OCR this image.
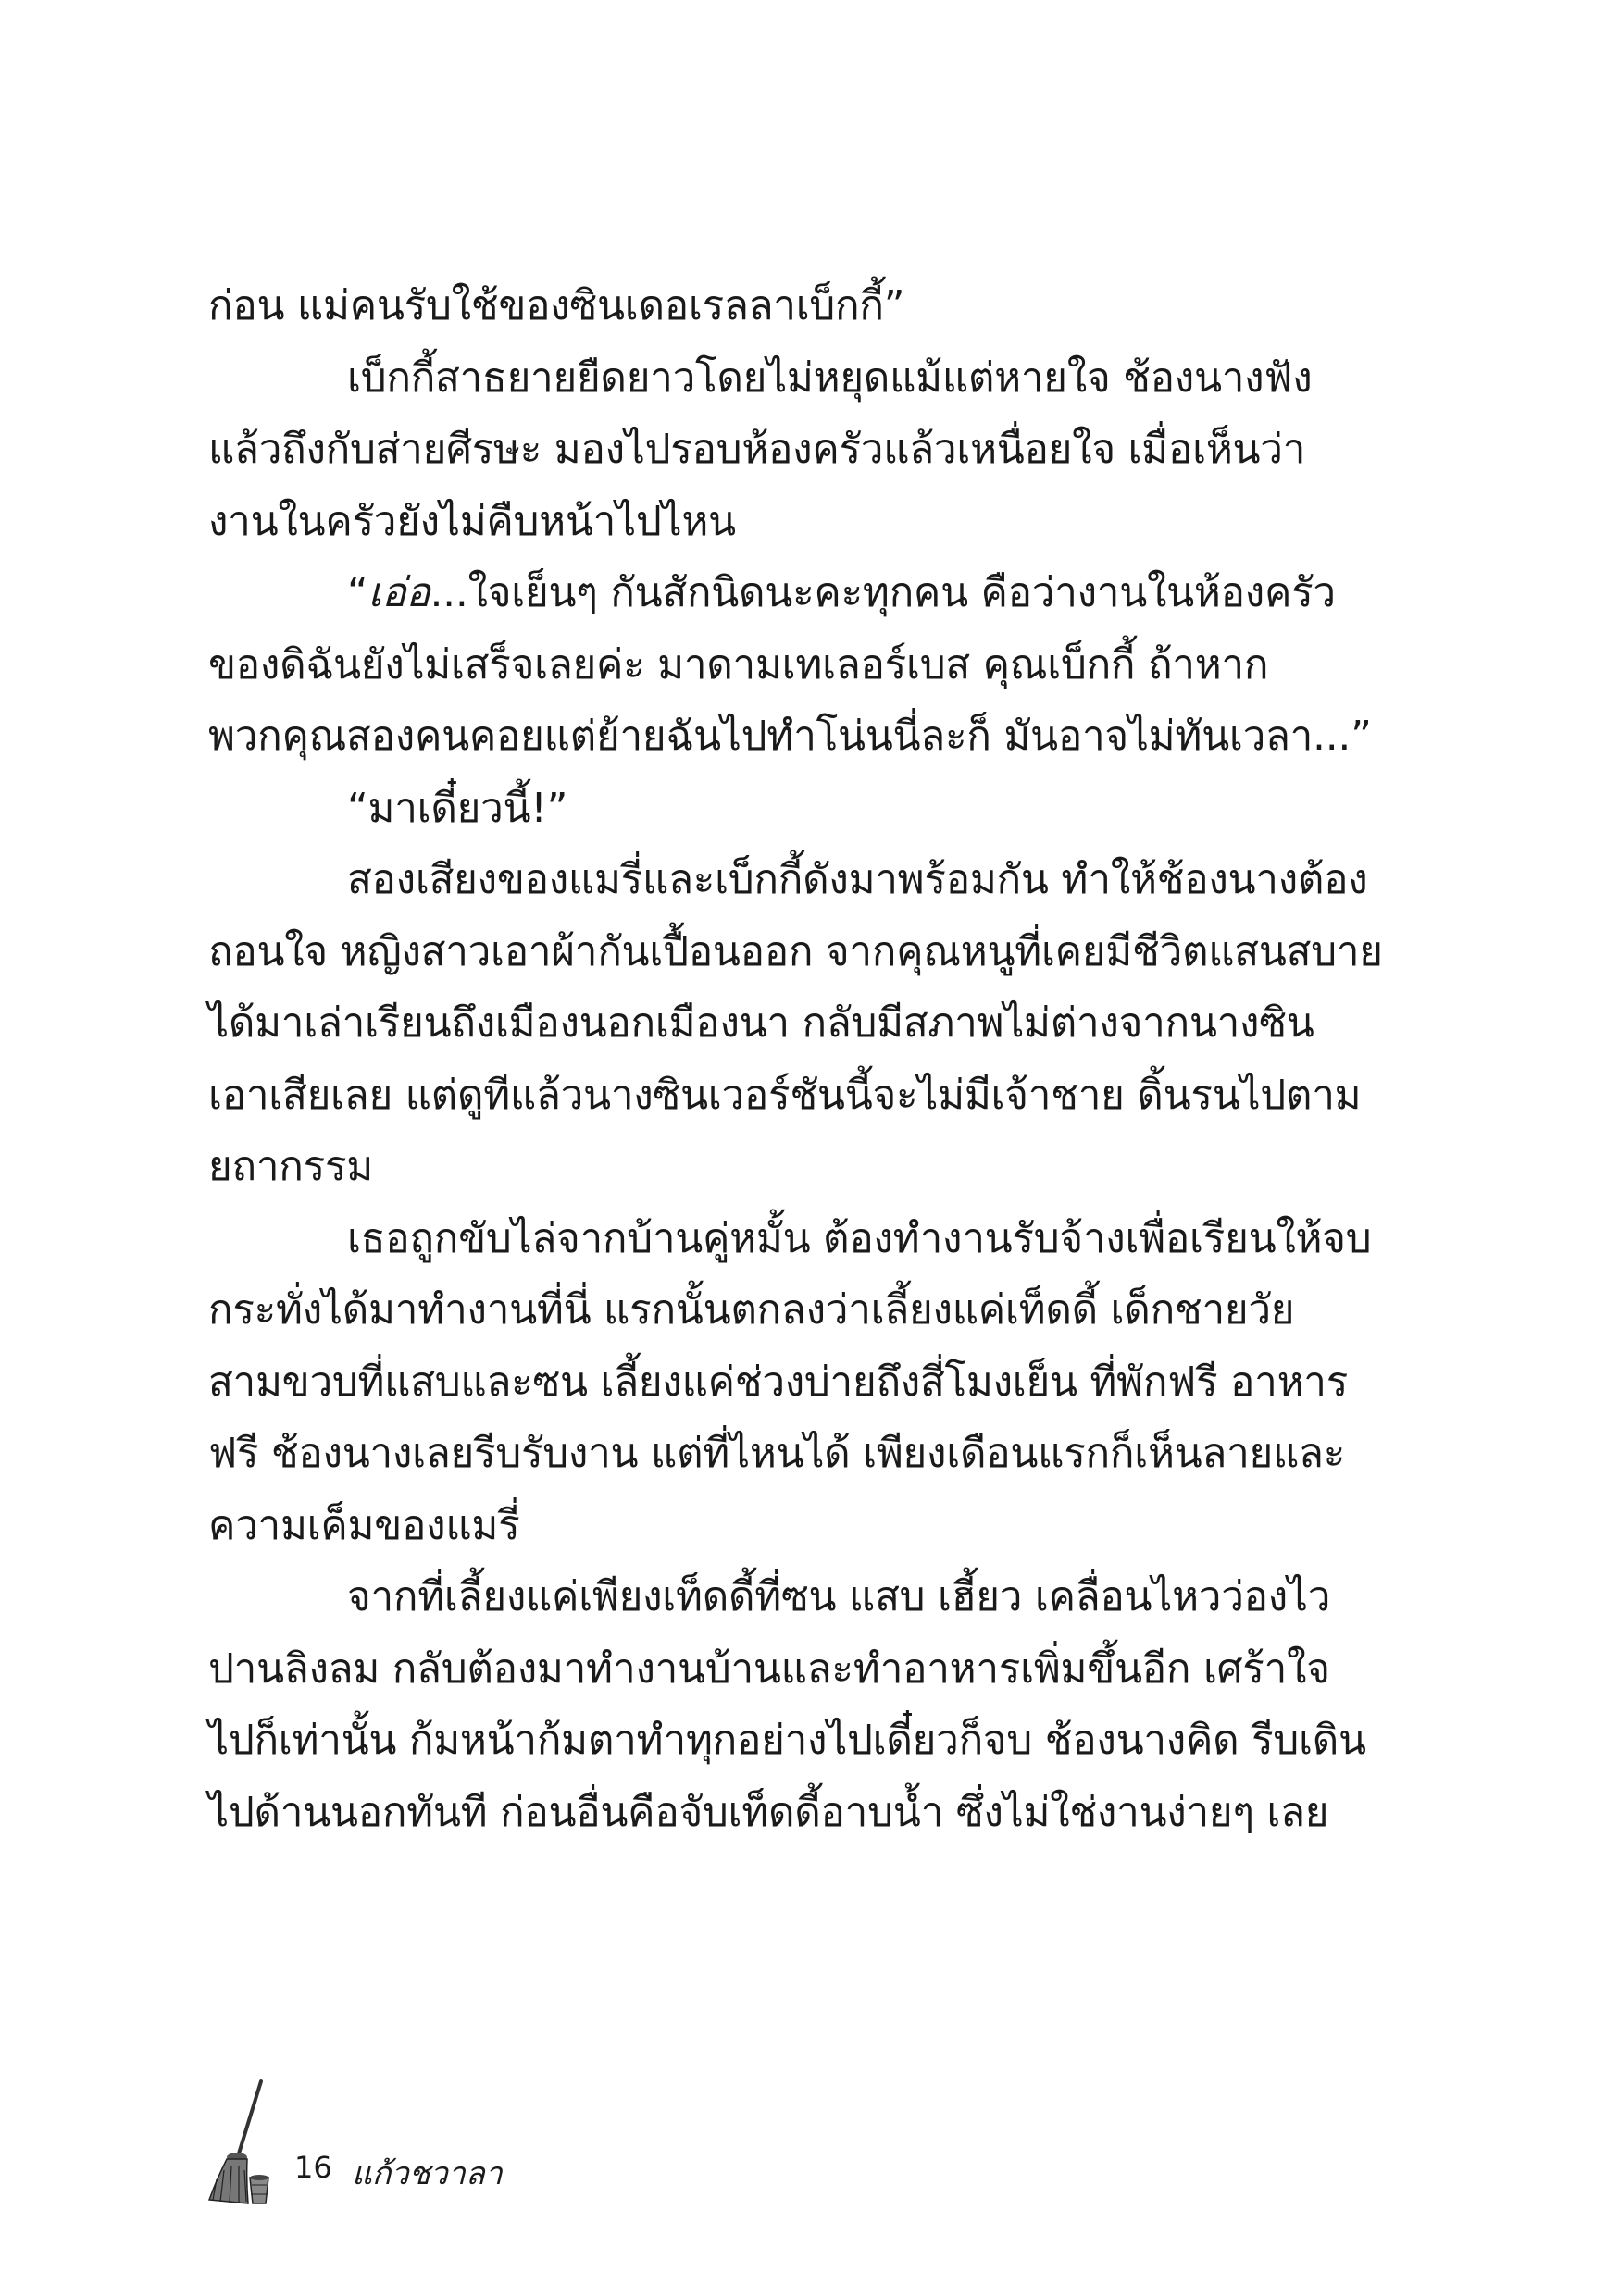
ก่อน แม่คนรับใช้ของซินเดอเรลลาเบ็กกี้”
เบ็กกี้สาธยายยืดยาวโดยไม่หยุดแม้แต่หายใจ ช้องนางฟัง
แล้วถึงกับส่ายศีรษะ มองไปรอบห้องครัวแล้วเหนื่อยใจ เมื่อเห็นว่า
งานในครัวยังไม่คืบหน้าไปไหน
“เอ่อ...ใจเย็นๆ กันสักนิดนะคะทุกคน คือว่างานในห้องครัว
ของดิฉันยังไม่เสร็จเลยค่ะ มาดามเทเลอร์เบส คุณเบ็กกี้ ถ้าหาก
พวกคุณสองคนคอยแต่ย้ายฉันไปทำโน่นนี่ละก็ มันอาจไม่ทันเวลา...”
“มาเดี๋ยวนี้!”
สองเสียงของแมรี่และเบ็กกี้ดังมาพร้อมกัน ทำให้ช้องนางต้อง
ถอนใจ หญิงสาวเอาผ้ากันเปื้อนออก จากคุณหนูที่เคยมีชีวิตแสนสบาย
ได้มาเล่าเรียนถึงเมืองนอกเมืองนา กลับมีสภาพไม่ต่างจากนางซิน
เอาเสียเลย แต่ดูทีแล้วนางซินเวอร์ชันนี้จะไม่มีเจ้าชาย ดิ้นรนไปตาม
ยถากรรม
เธอถูกขับไล่จากบ้านคู่หมั้น ต้องทำงานรับจ้างเพื่อเรียนให้จบ
กระทั่งได้มาทำงานที่นี่ แรกนั้นตกลงว่าเลี้ยงแค่เท็ดดี้ เด็กชายวัย
สามขวบที่แสบและซน เลี้ยงแค่ช่วงบ่ายถึงสี่โมงเย็น ที่พักฟรี อาหาร
ฟรี ช้องนางเลยรีบรับงาน แต่ที่ไหนได้ เพียงเดือนแรกก็เห็นลายและ
ความเค็มของแมรี่
จากที่เลี้ยงแค่เพียงเท็ดดี้ที่ซน แสบ เฮี้ยว เคลื่อนไหวว่องไว
ปานลิงลม กลับต้องมาทำงานบ้านและทำอาหารเพิ่มขึ้นอีก เศร้าใจ
ไปก็เท่านั้น ก้มหน้าก้มตาทำทุกอย่างไปเดี๋ยวก็จบ ช้องนางคิด รีบเดิน
ไปด้านนอกทันที ก่อนอื่นคือจับเท็ดดี้อาบน้ำ ซึ่งไม่ใช่งานง่ายๆ เลย
16 แก้วชวาลา
